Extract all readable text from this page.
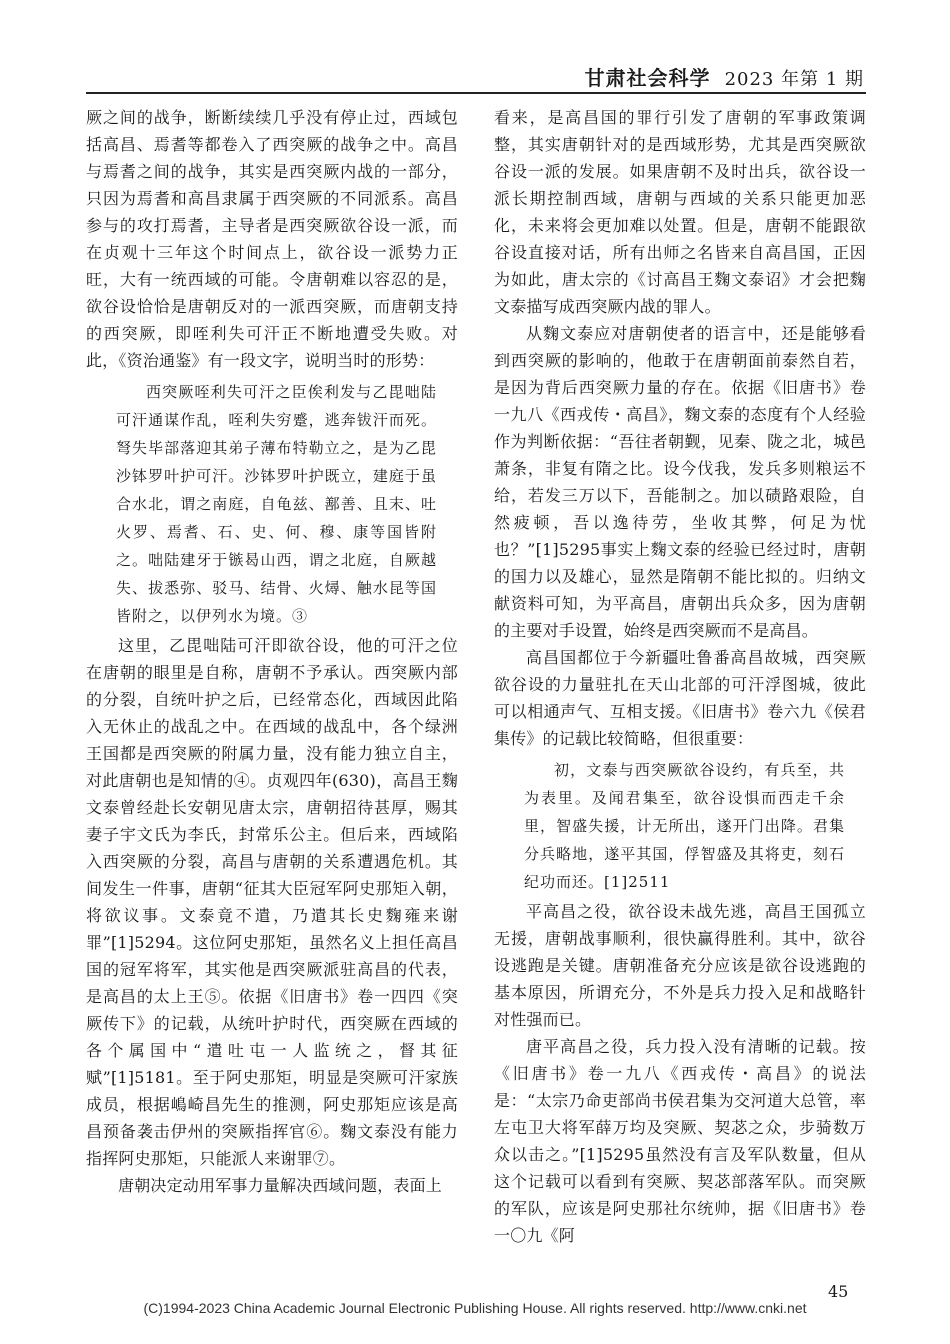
甘肃社会科学 2023 年第 1 期

厥之间的战争，断断续续几乎没有停止过，西域包括高昌、焉耆等都卷入了西突厥的战争之中。高昌与焉耆之间的战争，其实是西突厥内战的一部分，只因为焉耆和高昌隶属于西突厥的不同派系。高昌参与的攻打焉耆，主导者是西突厥欲谷设一派，而在贞观十三年这个时间点上，欲谷设一派势力正旺，大有一统西域的可能。令唐朝难以容忍的是，欲谷设恰恰是唐朝反对的一派西突厥，而唐朝支持的西突厥，即咥利失可汗正不断地遭受失败。对此，《资治通鉴》有一段文字，说明当时的形势：

西突厥咥利失可汗之臣俟利发与乙毘咄陆可汗通谋作乱，咥利失穷蹙，逃奔钹汗而死。弩失毕部落迎其弟子薄布特勒立之，是为乙毘沙钵罗叶护可汗。沙钵罗叶护既立，建庭于虽合水北，谓之南庭，自龟兹、鄯善、且末、吐火罗、焉耆、石、史、何、穆、康等国皆附之。咄陆建牙于镞曷山西，谓之北庭，自厥越失、拔悉弥、驳马、结骨、火燖、触水昆等国皆附之，以伊列水为境。③

这里，乙毘咄陆可汗即欲谷设，他的可汗之位在唐朝的眼里是自称，唐朝不予承认。西突厥内部的分裂，自统叶护之后，已经常态化，西域因此陷入无休止的战乱之中。在西域的战乱中，各个绿洲王国都是西突厥的附属力量，没有能力独立自主，对此唐朝也是知情的④。贞观四年(630)，高昌王麴文泰曾经赴长安朝见唐太宗，唐朝招待甚厚，赐其妻子宇文氏为李氏，封常乐公主。但后来，西域陷入西突厥的分裂，高昌与唐朝的关系遭遇危机。其间发生一件事，唐朝“征其大臣冠军阿史那矩入朝，将欲议事。文泰竟不遣，乃遣其长史麴雍来谢罪”[1]5294。这位阿史那矩，虽然名义上担任高昌国的冠军将军，其实他是西突厥派驻高昌的代表，是高昌的太上王⑤。依据《旧唐书》卷一四四《突厥传下》的记载，从统叶护时代，西突厥在西域的各个属国中“遣吐屯一人监统之，督其征赋”[1]5181。至于阿史那矩，明显是突厥可汗家族成员，根据嶋崎昌先生的推测，阿史那矩应该是高昌预备袭击伊州的突厥指挥官⑥。麴文泰没有能力指挥阿史那矩，只能派人来谢罪⑦。

唐朝决定动用军事力量解决西域问题，表面上

看来，是高昌国的罪行引发了唐朝的军事政策调整，其实唐朝针对的是西域形势，尤其是西突厥欲谷设一派的发展。如果唐朝不及时出兵，欲谷设一派长期控制西域，唐朝与西域的关系只能更加恶化，未来将会更加难以处置。但是，唐朝不能跟欲谷设直接对话，所有出师之名皆来自高昌国，正因为如此，唐太宗的《讨高昌王麴文泰诏》才会把麴文泰描写成西突厥内战的罪人。

从麴文泰应对唐朝使者的语言中，还是能够看到西突厥的影响的，他敢于在唐朝面前泰然自若，是因为背后西突厥力量的存在。依据《旧唐书》卷一九八《西戎传・高昌》，麴文泰的态度有个人经验作为判断依据：“吾往者朝觐，见秦、陇之北，城邑萧条，非复有隋之比。设今伐我，发兵多则粮运不给，若发三万以下，吾能制之。加以碛路艰险，自然疲顿，吾以逸待劳，坐收其弊，何足为忧也？”[1]5295事实上麴文泰的经验已经过时，唐朝的国力以及雄心，显然是隋朝不能比拟的。归纳文献资料可知，为平高昌，唐朝出兵众多，因为唐朝的主要对手设置，始终是西突厥而不是高昌。

高昌国都位于今新疆吐鲁番高昌故城，西突厥欲谷设的力量驻扎在天山北部的可汗浮图城，彼此可以相通声气、互相支援。《旧唐书》卷六九《侯君集传》的记载比较简略，但很重要：

初，文泰与西突厥欲谷设约，有兵至，共为表里。及闻君集至，欲谷设惧而西走千余里，智盛失援，计无所出，遂开门出降。君集分兵略地，遂平其国，俘智盛及其将吏，刻石纪功而还。[1]2511

平高昌之役，欲谷设未战先逃，高昌王国孤立无援，唐朝战事顺利，很快赢得胜利。其中，欲谷设逃跑是关键。唐朝准备充分应该是欲谷设逃跑的基本原因，所谓充分，不外是兵力投入足和战略针对性强而已。

唐平高昌之役，兵力投入没有清晰的记载。按《旧唐书》卷一九八《西戎传・高昌》的说法是：“太宗乃命吏部尚书侯君集为交河道大总管，率左屯卫大将军薛万均及突厥、契苾之众，步骑数万众以击之。”[1]5295虽然没有言及军队数量，但从这个记载可以看到有突厥、契苾部落军队。而突厥的军队，应该是阿史那社尔统帅，据《旧唐书》卷一〇九《阿

45
(C)1994-2023 China Academic Journal Electronic Publishing House. All rights reserved. http://www.cnki.net
